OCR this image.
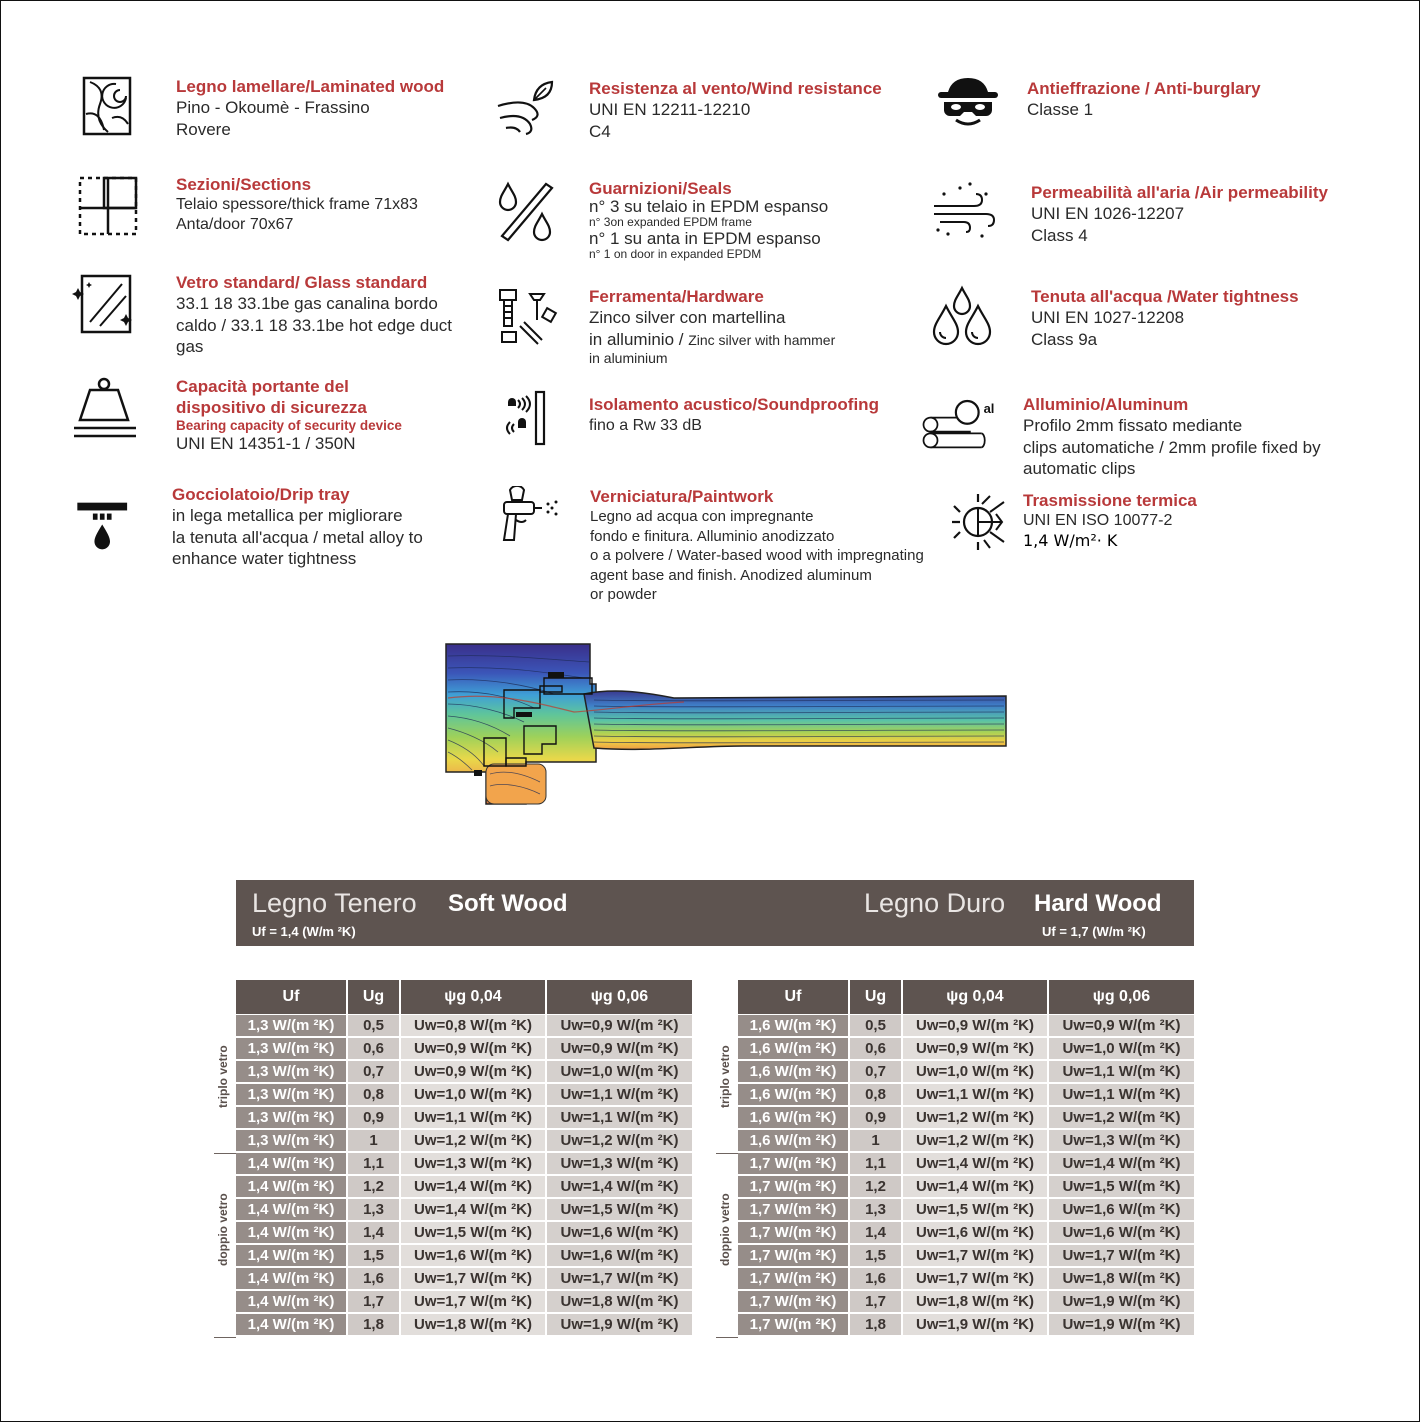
Legno lamellare/Laminated wood
Pino - Okoumè - Frassino
Rovere
Sezioni/Sections
Telaio spessore/thick frame 71x83
Anta/door 70x67
Vetro standard/ Glass standard
33.1 18 33.1be gas canalina bordo
caldo / 33.1 18 33.1be hot edge duct
gas
Capacità portante del
dispositivo di sicurezza
Bearing capacity of security device
UNI EN 14351-1 / 350N
Gocciolatoio/Drip tray
in lega metallica per migliorare
la tenuta all'acqua / metal alloy to
enhance water tightness
Resistenza al vento/Wind resistance
UNI EN 12211-12210
C4
Guarnizioni/Seals
n° 3 su telaio in EPDM espanso
n° 3on expanded EPDM frame
n° 1 su anta in EPDM espanso
n° 1 on door in expanded EPDM
Ferramenta/Hardware
Zinco silver con martellina
in alluminio / Zinc silver with hammer
in aluminium
Isolamento acustico/Soundproofing
fino a Rw 33 dB
Verniciatura/Paintwork
Legno ad acqua con impregnante
fondo e finitura. Alluminio anodizzato
o a polvere / Water-based wood with impregnating
agent base and finish. Anodized aluminum
or powder
Antieffrazione / Anti-burglary
Classe 1
Permeabilità all'aria /Air permeability
UNI EN 1026-12207
Class 4
Tenuta all'acqua /Water tightness
UNI EN 1027-12208
Class 9a
al	Alluminio/Aluminum
Profilo 2mm fissato mediante
clips automatiche / 2mm profile fixed by
automatic clips
Trasmissione termica
UNI EN ISO 10077-2
1,4 W/m²· K
Legno Tenero Soft Wood
Uf = 1,4 (W/m ²K)
Legno Duro Hard Wood
Uf = 1,7 (W/m ²K)
Uf	Ug	ψg 0,04	ψg 0,06
triplo vetro
doppio vetro
1,3 W/(m ²K)	0,5	Uw=0,8 W/(m ²K)	Uw=0,9 W/(m ²K)
1,3 W/(m ²K)	0,6	Uw=0,9 W/(m ²K)	Uw=0,9 W/(m ²K)
1,3 W/(m ²K)	0,7	Uw=0,9 W/(m ²K)	Uw=1,0 W/(m ²K)
1,3 W/(m ²K)	0,8	Uw=1,0 W/(m ²K)	Uw=1,1 W/(m ²K)
1,3 W/(m ²K)	0,9	Uw=1,1 W/(m ²K)	Uw=1,1 W/(m ²K)
1,3 W/(m ²K)	1	Uw=1,2 W/(m ²K)	Uw=1,2 W/(m ²K)
1,4 W/(m ²K)	1,1	Uw=1,3 W/(m ²K)	Uw=1,3 W/(m ²K)
1,4 W/(m ²K)	1,2	Uw=1,4 W/(m ²K)	Uw=1,4 W/(m ²K)
1,4 W/(m ²K)	1,3	Uw=1,4 W/(m ²K)	Uw=1,5 W/(m ²K)
1,4 W/(m ²K)	1,4	Uw=1,5 W/(m ²K)	Uw=1,6 W/(m ²K)
1,4 W/(m ²K)	1,5	Uw=1,6 W/(m ²K)	Uw=1,6 W/(m ²K)
1,4 W/(m ²K)	1,6	Uw=1,7 W/(m ²K)	Uw=1,7 W/(m ²K)
1,4 W/(m ²K)	1,7	Uw=1,7 W/(m ²K)	Uw=1,8 W/(m ²K)
1,4 W/(m ²K)	1,8	Uw=1,8 W/(m ²K)	Uw=1,9 W/(m ²K)
Uf	Ug	ψg 0,04	ψg 0,06
triplo vetro
doppio vetro
1,6 W/(m ²K)	0,5	Uw=0,9 W/(m ²K)	Uw=0,9 W/(m ²K)
1,6 W/(m ²K)	0,6	Uw=0,9 W/(m ²K)	Uw=1,0 W/(m ²K)
1,6 W/(m ²K)	0,7	Uw=1,0 W/(m ²K)	Uw=1,1 W/(m ²K)
1,6 W/(m ²K)	0,8	Uw=1,1 W/(m ²K)	Uw=1,1 W/(m ²K)
1,6 W/(m ²K)	0,9	Uw=1,2 W/(m ²K)	Uw=1,2 W/(m ²K)
1,6 W/(m ²K)	1	Uw=1,2 W/(m ²K)	Uw=1,3 W/(m ²K)
1,7 W/(m ²K)	1,1	Uw=1,4 W/(m ²K)	Uw=1,4 W/(m ²K)
1,7 W/(m ²K)	1,2	Uw=1,4 W/(m ²K)	Uw=1,5 W/(m ²K)
1,7 W/(m ²K)	1,3	Uw=1,5 W/(m ²K)	Uw=1,6 W/(m ²K)
1,7 W/(m ²K)	1,4	Uw=1,6 W/(m ²K)	Uw=1,6 W/(m ²K)
1,7 W/(m ²K)	1,5	Uw=1,7 W/(m ²K)	Uw=1,7 W/(m ²K)
1,7 W/(m ²K)	1,6	Uw=1,7 W/(m ²K)	Uw=1,8 W/(m ²K)
1,7 W/(m ²K)	1,7	Uw=1,8 W/(m ²K)	Uw=1,9 W/(m ²K)
1,7 W/(m ²K)	1,8	Uw=1,9 W/(m ²K)	Uw=1,9 W/(m ²K)
